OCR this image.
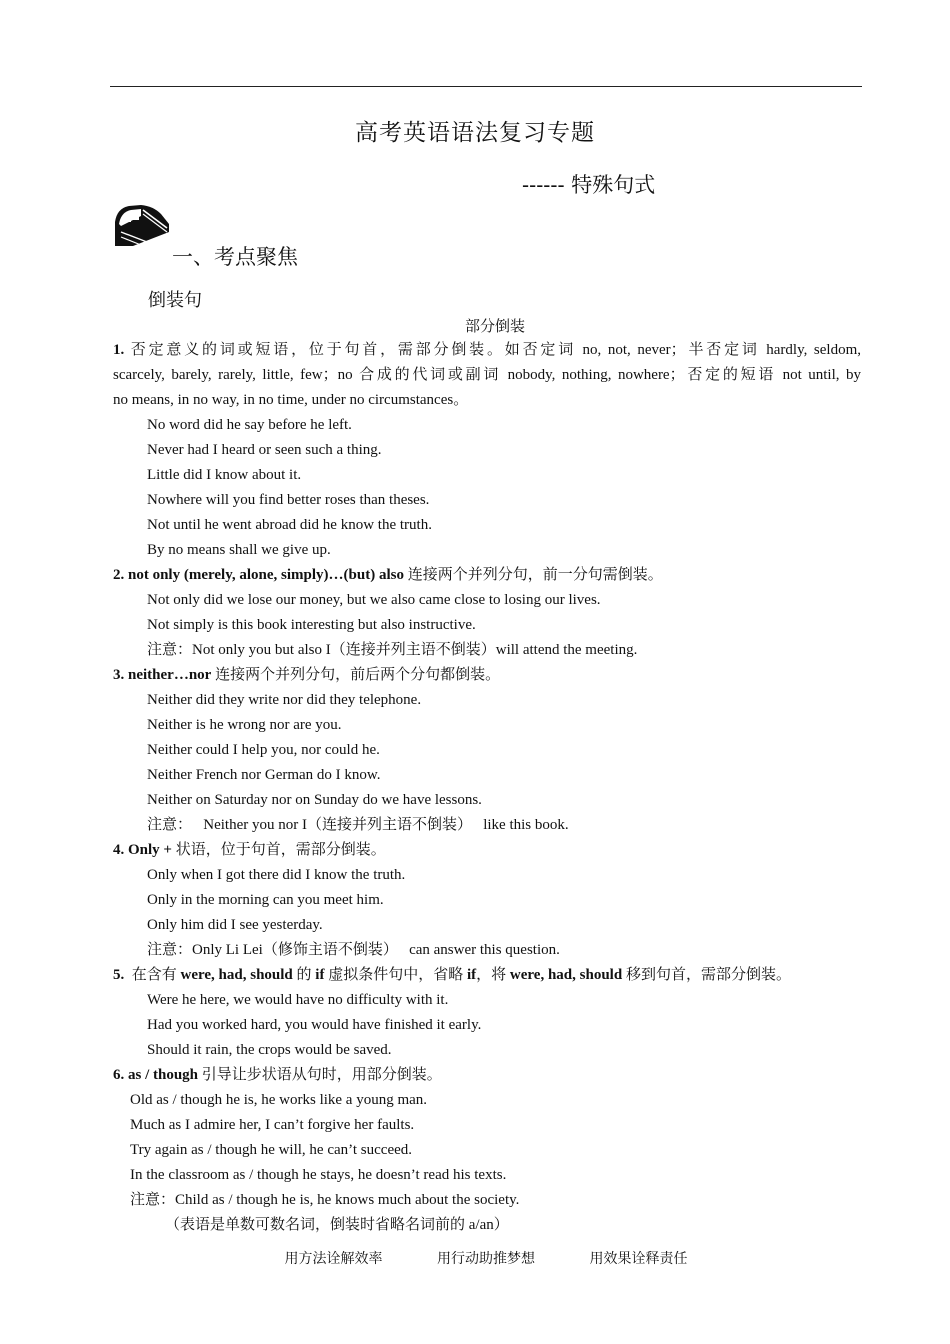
高考英语语法复习专题
------ 特殊句式
一、考点聚焦
倒装句
部分倒装
1. 否定意义的词或短语，位于句首，需部分倒装。如否定词 no, not, never；半否定词 hardly, seldom,
scarcely, barely, rarely, little, few；no 合成的代词或副词 nobody, nothing, nowhere；否定的短语 not until, by
no means, in no way, in no time, under no circumstances。
No word did he say before he left.
Never had I heard or seen such a thing.
Little did I know about it.
Nowhere will you find better roses than theses.
Not until he went abroad did he know the truth.
By no means shall we give up.
2. not only (merely, alone, simply)…(but) also 连接两个并列分句，前一分句需倒装。
Not only did we lose our money, but we also came close to losing our lives.
Not simply is this book interesting but also instructive.
注意：Not only you but also I（连接并列主语不倒装）will attend the meeting.
3. neither…nor 连接两个并列分句，前后两个分句都倒装。
Neither did they write nor did they telephone.
Neither is he wrong nor are you.
Neither could I help you, nor could he.
Neither French nor German do I know.
Neither on Saturday nor on Sunday do we have lessons.
注意：   Neither you nor I（连接并列主语不倒装）   like this book.
4. Only + 状语，位于句首，需部分倒装。
Only when I got there did I know the truth.
Only in the morning can you meet him.
Only him did I see yesterday.
注意：Only Li Lei（修饰主语不倒装）   can answer this question.
5.  在含有 were, had, should 的 if 虚拟条件句中，省略 if，将 were, had, should 移到句首，需部分倒装。
Were he here, we would have no difficulty with it.
Had you worked hard, you would have finished it early.
Should it rain, the crops would be saved.
6. as / though 引导让步状语从句时，用部分倒装。
Old as / though he is, he works like a young man.
Much as I admire her, I can’t forgive her faults.
Try again as / though he will, he can’t succeed.
In the classroom as / though he stays, he doesn’t read his texts.
注意：Child as / though he is, he knows much about the society.
（表语是单数可数名词，倒装时省略名词前的 a/an）
用方法诠解效率	用行动助推梦想	用效果诠释责任
